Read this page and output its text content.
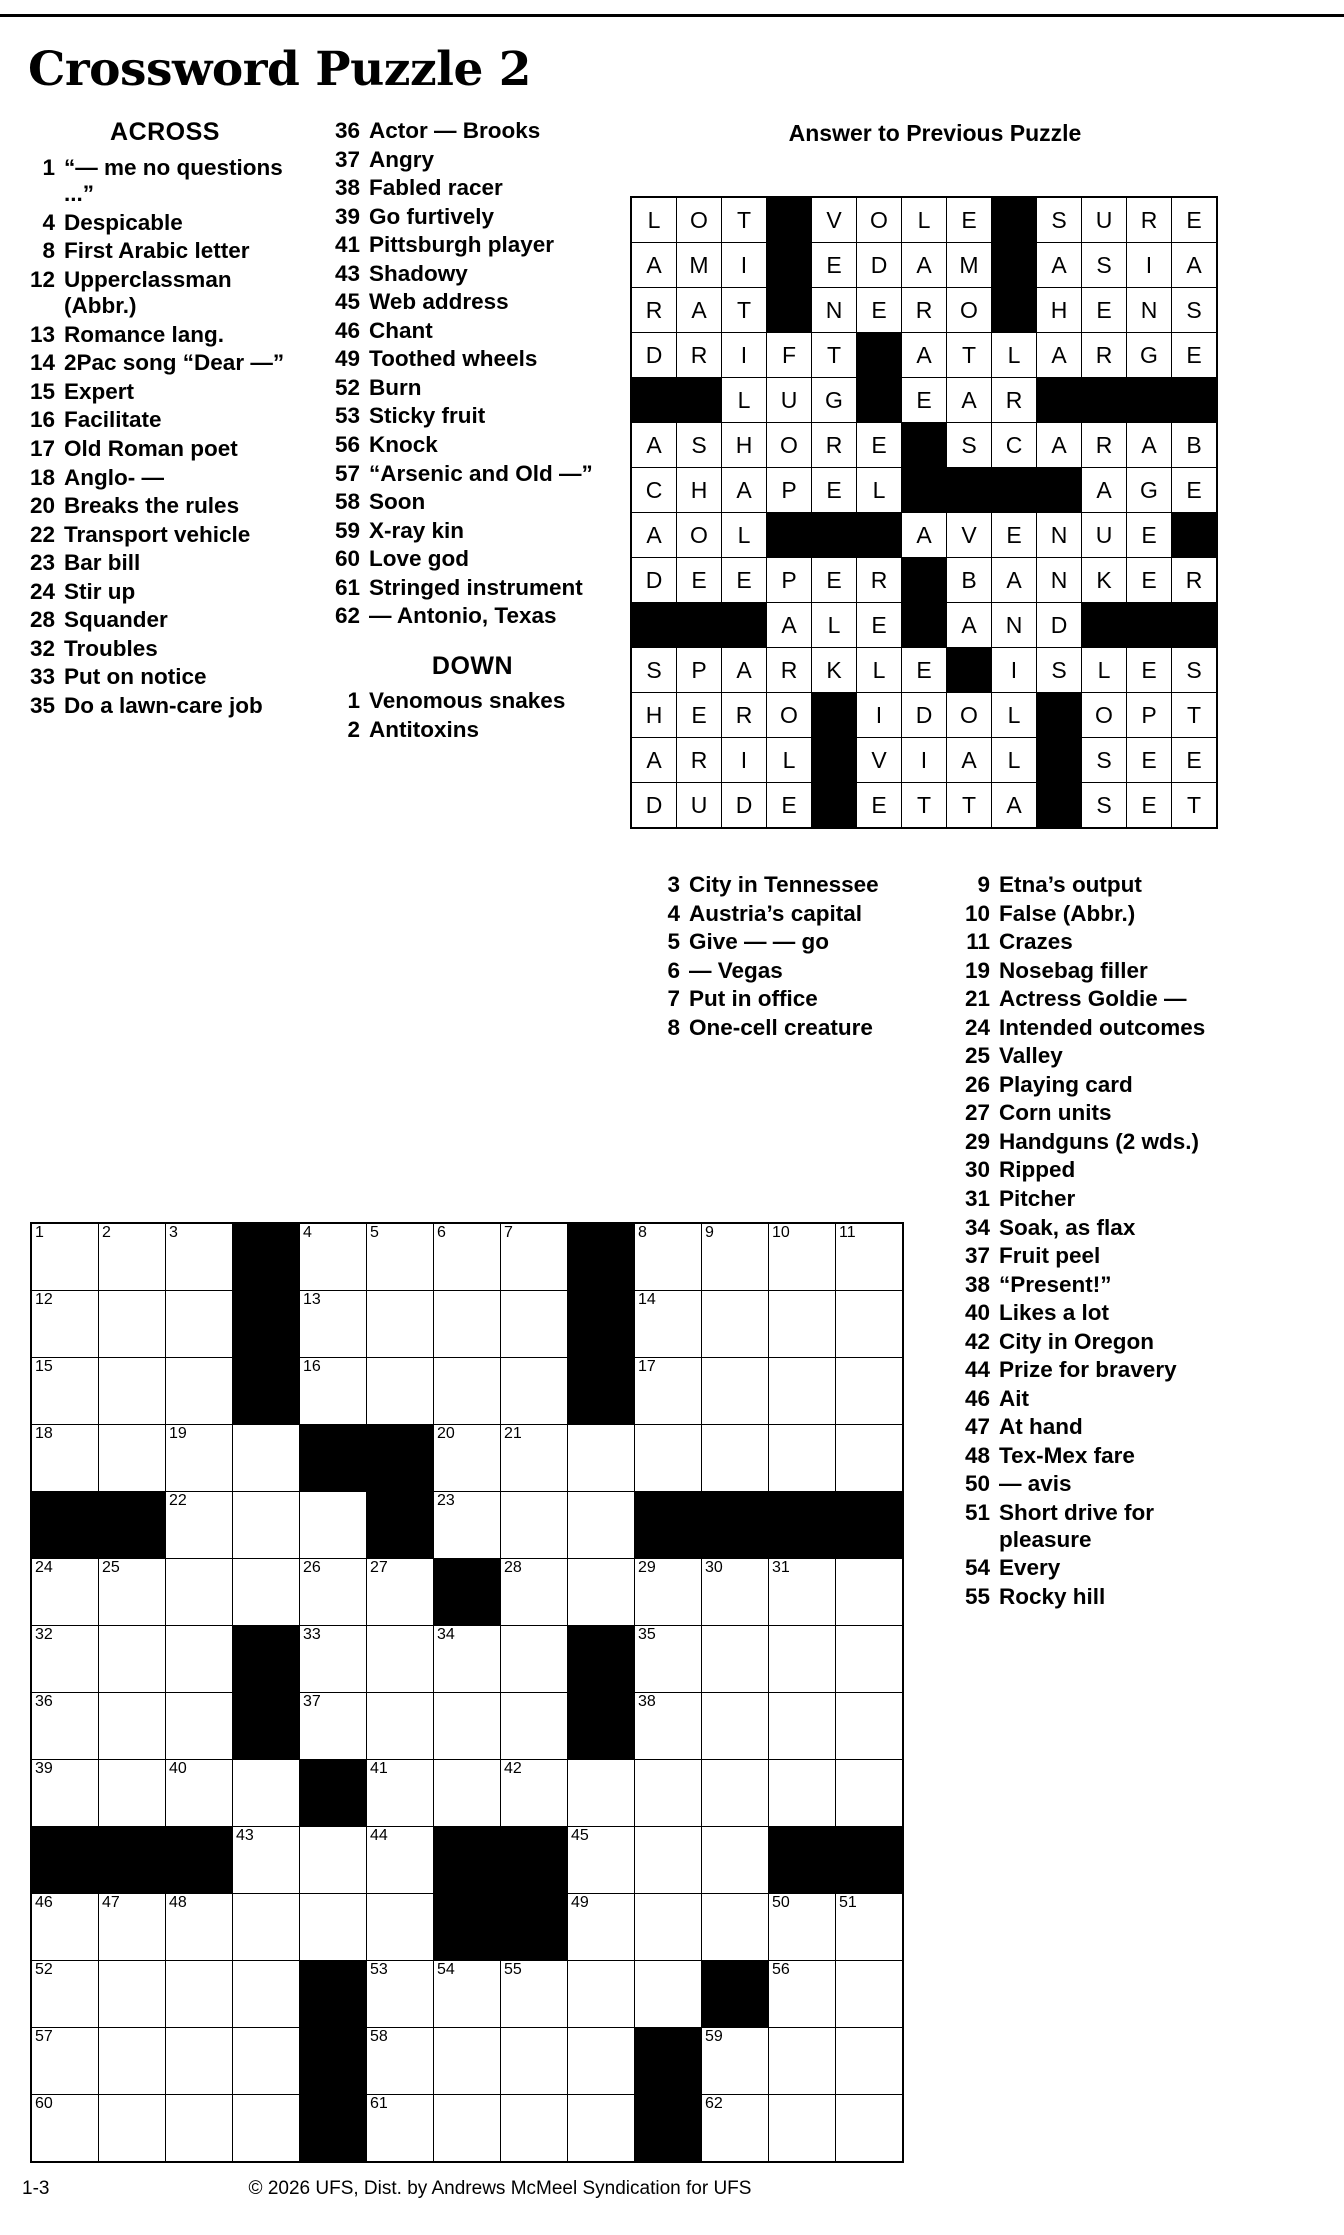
Crossword Puzzle 2
ACROSS
1 “— me no questions ...”
4 Despicable
8 First Arabic letter
12 Upperclassman (Abbr.)
13 Romance lang.
14 2Pac song “Dear —”
15 Expert
16 Facilitate
17 Old Roman poet
18 Anglo- —
20 Breaks the rules
22 Transport vehicle
23 Bar bill
24 Stir up
28 Squander
32 Troubles
33 Put on notice
35 Do a lawn-care job
36 Actor — Brooks
37 Angry
38 Fabled racer
39 Go furtively
41 Pittsburgh player
43 Shadowy
45 Web address
46 Chant
49 Toothed wheels
52 Burn
53 Sticky fruit
56 Knock
57 “Arsenic and Old —”
58 Soon
59 X-ray kin
60 Love god
61 Stringed instrument
62 — Antonio, Texas
DOWN
1 Venomous snakes
2 Antitoxins
3 City in Tennessee
4 Austria’s capital
5 Give — — go
6 — Vegas
7 Put in office
8 One-cell creature
9 Etna’s output
10 False (Abbr.)
11 Crazes
19 Nosebag filler
21 Actress Goldie —
24 Intended outcomes
25 Valley
26 Playing card
27 Corn units
29 Handguns (2 wds.)
30 Ripped
31 Pitcher
34 Soak, as flax
37 Fruit peel
38 “Present!”
40 Likes a lot
42 City in Oregon
44 Prize for bravery
46 Ait
47 At hand
48 Tex-Mex fare
50 — avis
51 Short drive for pleasure
54 Every
55 Rocky hill
Answer to Previous Puzzle
L	O	T		V	O	L	E		S	U	R	E
A	M	I		E	D	A	M		A	S	I	A
R	A	T		N	E	R	O		H	E	N	S
D	R	I	F	T		A	T	L	A	R	G	E
		L	U	G		E	A	R				
A	S	H	O	R	E		S	C	A	R	A	B
C	H	A	P	E	L					A	G	E
A	O	L				A	V	E	N	U	E	
D	E	E	P	E	R		B	A	N	K	E	R
			A	L	E		A	N	D			
S	P	A	R	K	L	E		I	S	L	E	S
H	E	R	O		I	D	O	L		O	P	T
A	R	I	L		V	I	A	L		S	E	E
D	U	D	E		E	T	T	A		S	E	T
1	2	3		4	5	6	7		8	9	10	11

12				13					14			

15				16					17			

18		19				20	21					

		22				23						

24	25			26	27		28		29	30	31	

32				33		34			35			

36				37					38			

39		40			41		42					

			43		44			45				

46	47	48						49			50	51

52					53	54	55				56	

57					58					59		

60					61					62		

1-3	© 2026 UFS, Dist. by Andrews McMeel Syndication for UFS
